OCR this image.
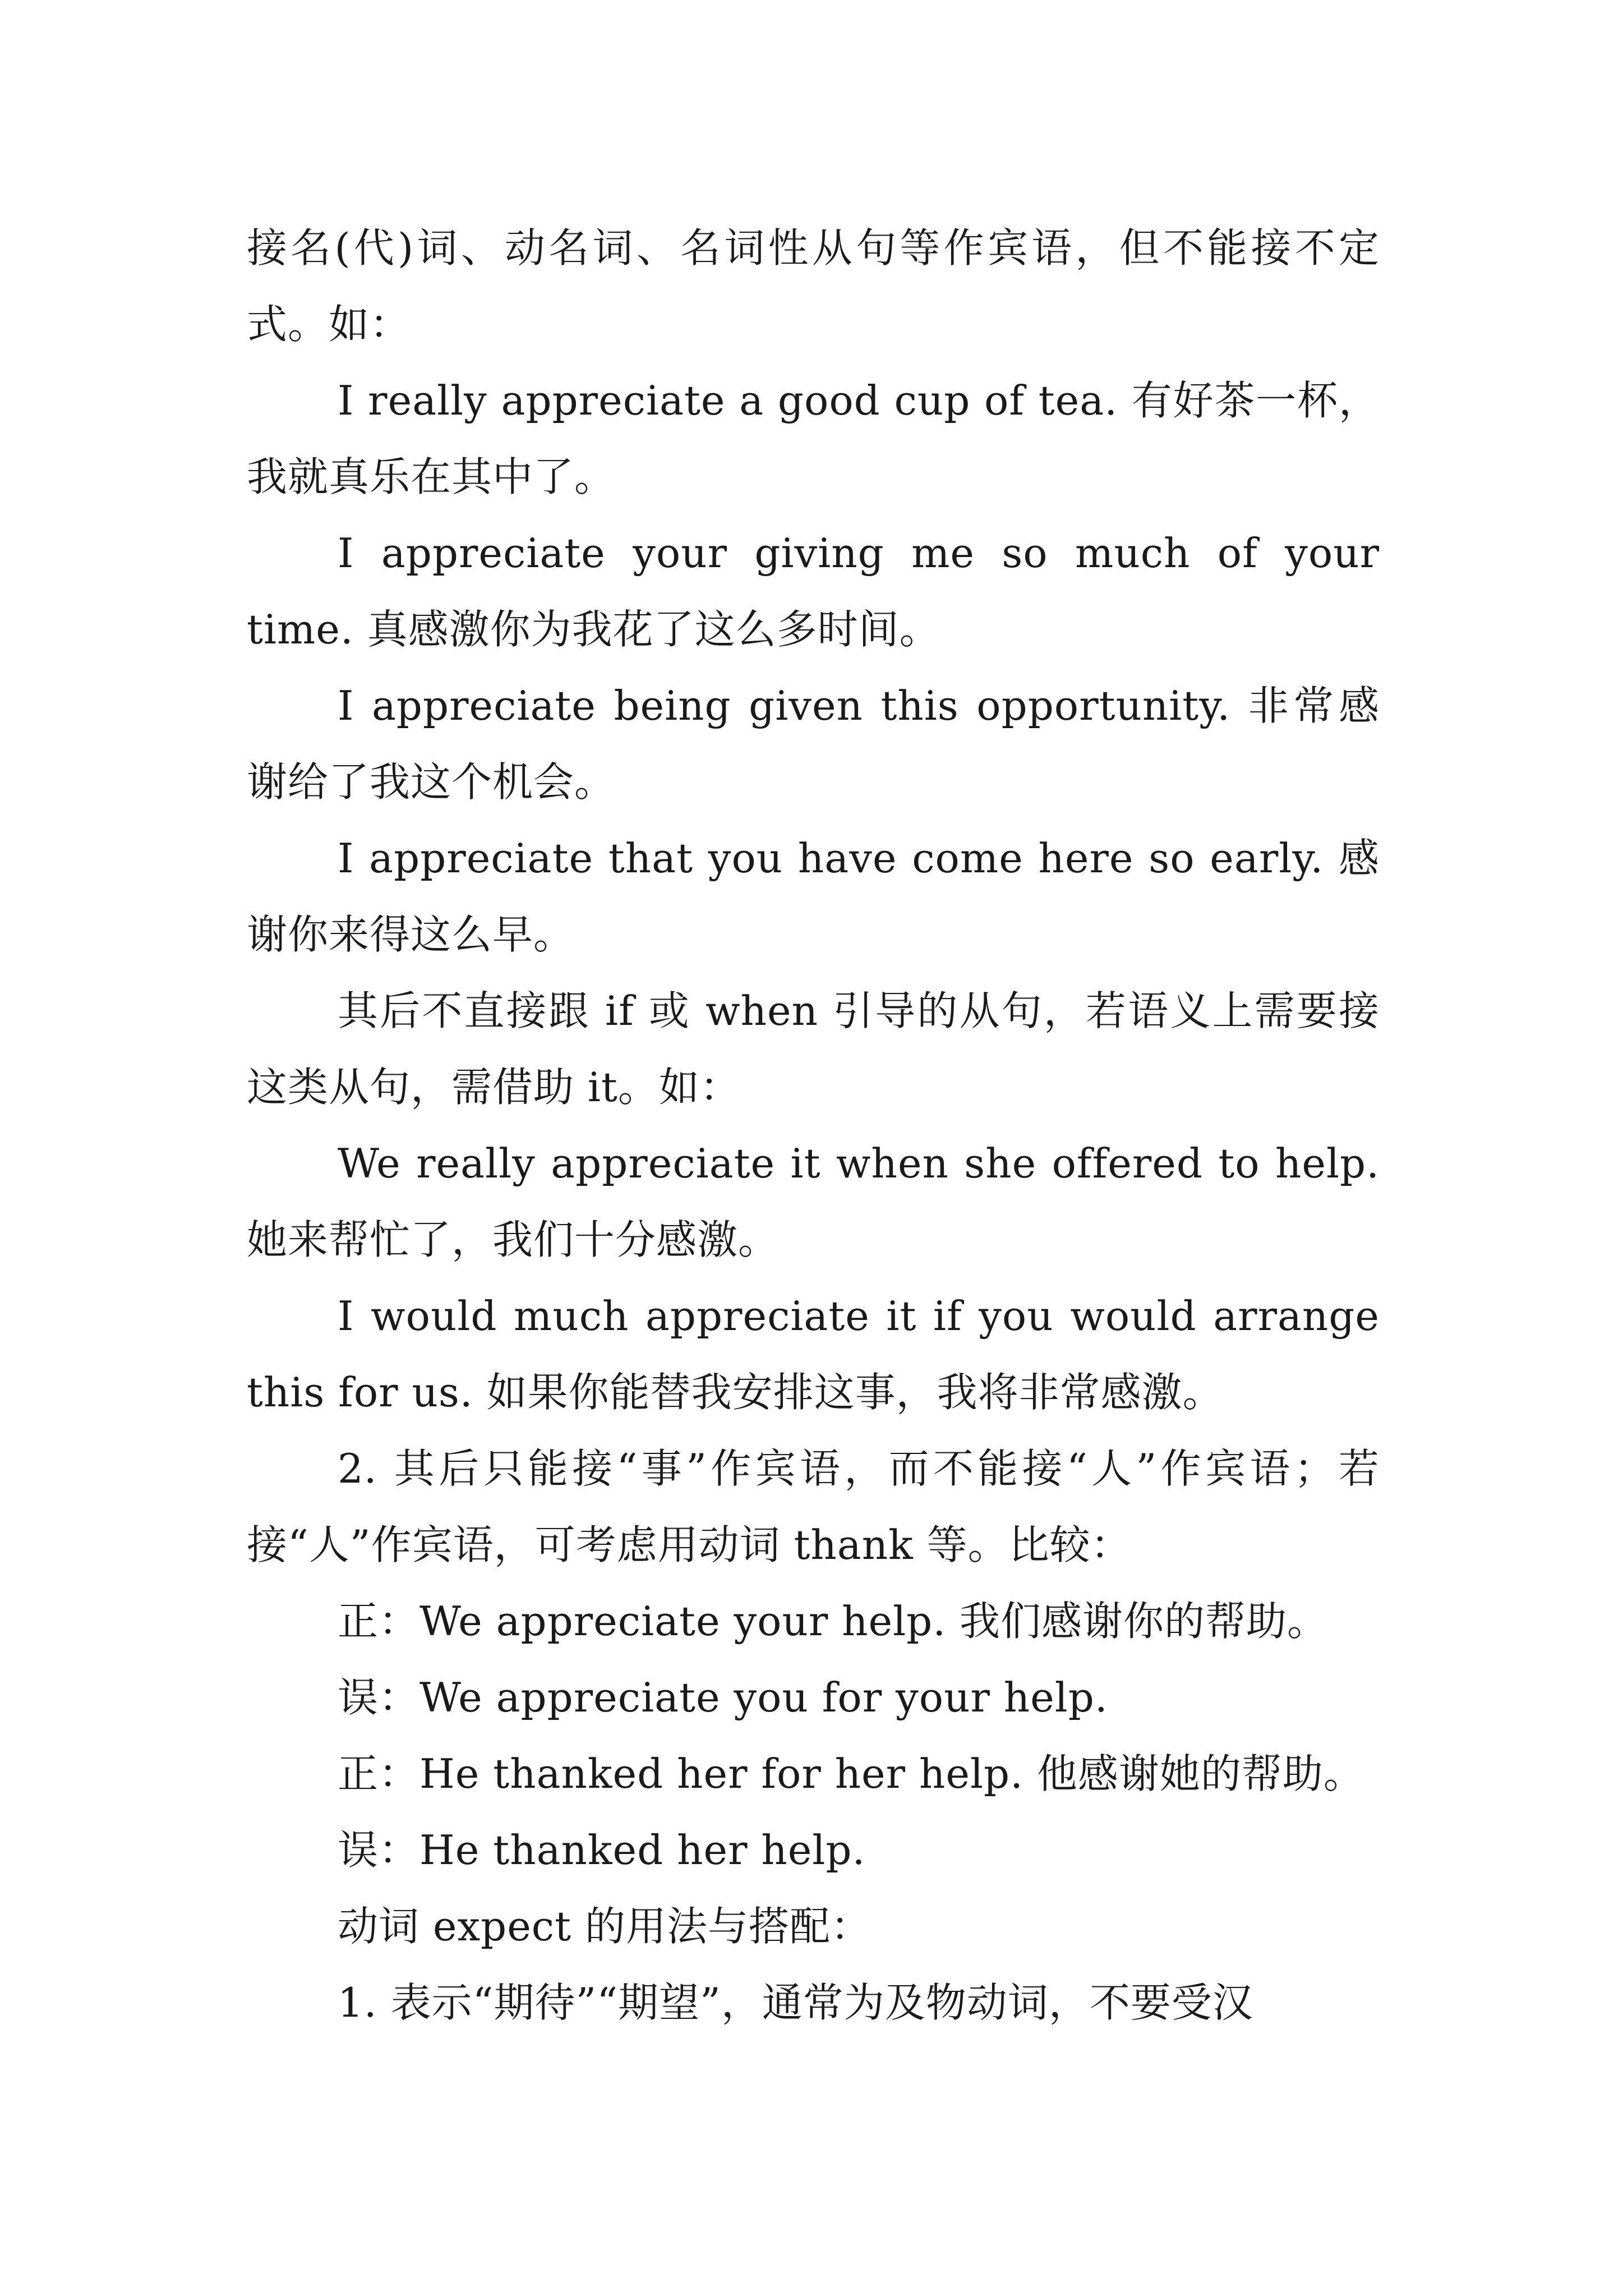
接名(代)词、动名词、名词性从句等作宾语，但不能接不定式。如：

I really appreciate a good cup of tea. 有好茶一杯，我就真乐在其中了。

I appreciate your giving me so much of your time. 真感激你为我花了这么多时间。

I appreciate being given this opportunity. 非常感谢给了我这个机会。

I appreciate that you have come here so early. 感谢你来得这么早。

其后不直接跟 if 或 when 引导的从句，若语义上需要接这类从句，需借助 it。如：

We really appreciate it when she offered to help. 她来帮忙了，我们十分感激。

I would much appreciate it if you would arrange this for us. 如果你能替我安排这事，我将非常感激。

2. 其后只能接“事”作宾语，而不能接“人”作宾语；若接“人”作宾语，可考虑用动词 thank 等。比较：

正：We appreciate your help. 我们感谢你的帮助。

误：We appreciate you for your help.

正：He thanked her for her help. 他感谢她的帮助。

误：He thanked her help.

动词 expect 的用法与搭配：

1. 表示“期待”“期望”，通常为及物动词，不要受汉
